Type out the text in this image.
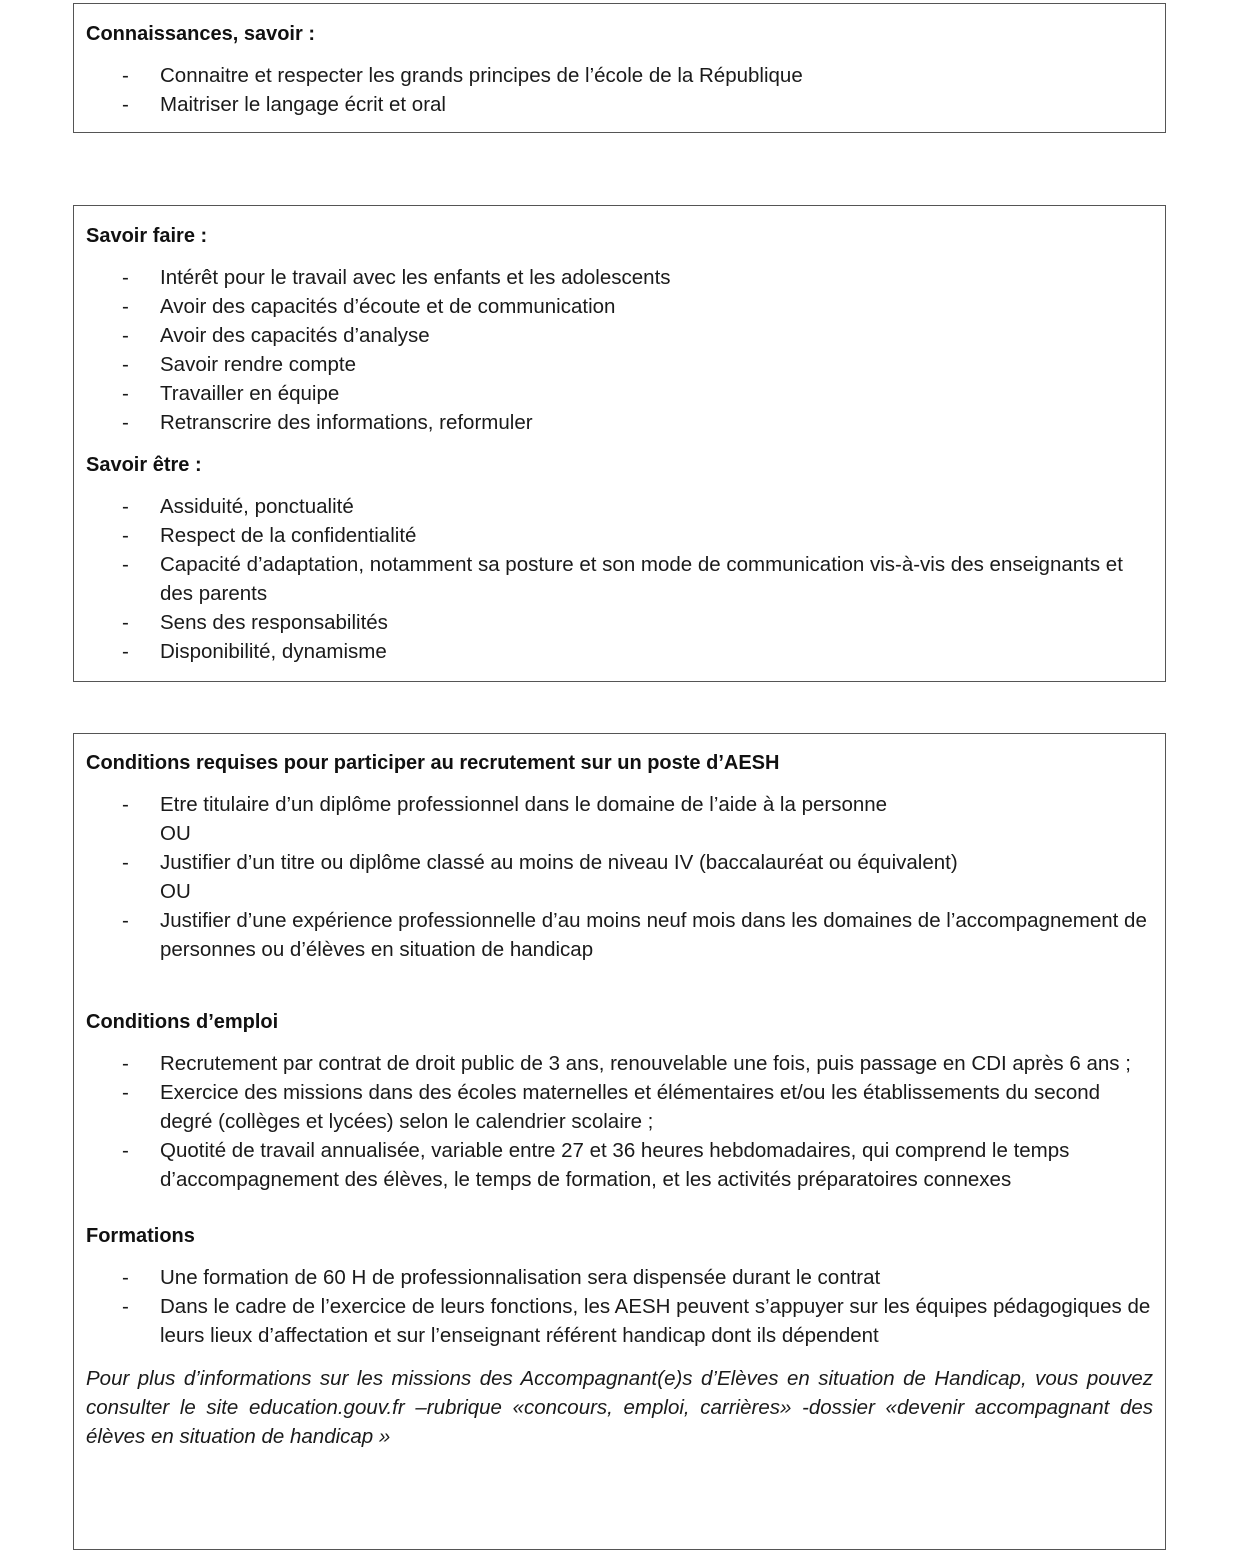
Connaissances, savoir :

- Connaitre et respecter les grands principes de l’école de la République
- Maitriser le langage écrit et oral

Savoir faire :

- Intérêt pour le travail avec les enfants et les adolescents
- Avoir des capacités d’écoute et de communication
- Avoir des capacités d’analyse
- Savoir rendre compte
- Travailler en équipe
- Retranscrire des informations, reformuler

Savoir être :

- Assiduité, ponctualité
- Respect de la confidentialité
- Capacité d’adaptation, notamment sa posture et son mode de communication vis-à-vis des enseignants et des parents
- Sens des responsabilités
- Disponibilité, dynamisme

Conditions requises pour participer au recrutement sur un poste d’AESH

- Etre titulaire d’un diplôme professionnel dans le domaine de l’aide à la personne
OU
- Justifier d’un titre ou diplôme classé au moins de niveau IV (baccalauréat ou équivalent)
OU
- Justifier d’une expérience professionnelle d’au moins neuf mois dans les domaines de l’accompagnement de personnes ou d’élèves en situation de handicap

Conditions d’emploi

- Recrutement par contrat de droit public de 3 ans, renouvelable une fois, puis passage en CDI après 6 ans ;
- Exercice des missions dans des écoles maternelles et élémentaires et/ou les établissements du second degré (collèges et lycées) selon le calendrier scolaire ;
- Quotité de travail annualisée, variable entre 27 et 36 heures hebdomadaires, qui comprend le temps d’accompagnement des élèves, le temps de formation, et les activités préparatoires connexes

Formations

- Une formation de 60 H de professionnalisation sera dispensée durant le contrat
- Dans le cadre de l’exercice de leurs fonctions, les AESH peuvent s’appuyer sur les équipes pédagogiques de leurs lieux d’affectation et sur l’enseignant référent handicap dont ils dépendent

Pour plus d’informations sur les missions des Accompagnant(e)s d’Elèves en situation de Handicap, vous pouvez consulter le site education.gouv.fr –rubrique «concours, emploi, carrières» -dossier «devenir accompagnant des élèves en situation de handicap »
